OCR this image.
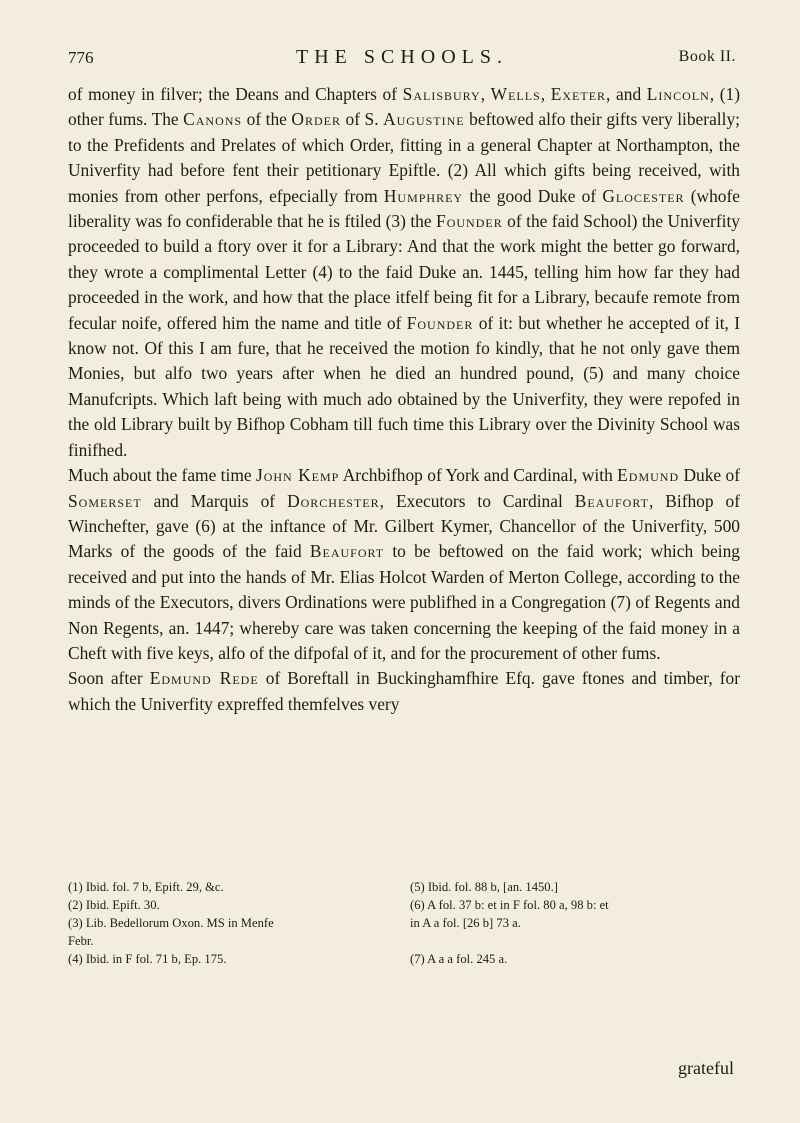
776	THE SCHOOLS.	Book II.

of money in filver; the Deans and Chapters of Salisbury, Wells, Exeter, and Lincoln, (1) other fums. The Canons of the Order of S. Augustine beftowed alfo their gifts very liberally; to the Prefidents and Prelates of which Order, fitting in a general Chapter at Northampton, the Univerfity had before fent their petitionary Epiftle. (2) All which gifts being received, with monies from other perfons, efpecially from Humphrey the good Duke of Glocester (whofe liberality was fo confiderable that he is ftiled (3) the Founder of the faid School) the Univerfity proceeded to build a ftory over it for a Library: And that the work might the better go forward, they wrote a complimental Letter (4) to the faid Duke an. 1445, telling him how far they had proceeded in the work, and how that the place itfelf being fit for a Library, becaufe remote from fecular noife, offered him the name and title of Founder of it: but whether he accepted of it, I know not. Of this I am fure, that he received the motion fo kindly, that he not only gave them Monies, but alfo two years after when he died an hundred pound, (5) and many choice Manufcripts. Which laft being with much ado obtained by the Univerfity, they were repofed in the old Library built by Bifhop Cobham till fuch time this Library over the Divinity School was finifhed.

Much about the fame time John Kemp Archbifhop of York and Cardinal, with Edmund Duke of Somerset and Marquis of Dorchester, Executors to Cardinal Beaufort, Bifhop of Winchefter, gave (6) at the inftance of Mr. Gilbert Kymer, Chancellor of the Univerfity, 500 Marks of the goods of the faid Beaufort to be beftowed on the faid work; which being received and put into the hands of Mr. Elias Holcot Warden of Merton College, according to the minds of the Executors, divers Ordinations were publifhed in a Congregation (7) of Regents and Non Regents, an. 1447; whereby care was taken concerning the keeping of the faid money in a Cheft with five keys, alfo of the difpofal of it, and for the procurement of other fums.

Soon after Edmund Rede of Boreftall in Buckinghamfhire Efq. gave ftones and timber, for which the Univerfity expreffed themfelves very

(1) Ibid. fol. 7 b, Epift. 29, &c.
(2) Ibid. Epift. 30.
(3) Lib. Bedellorum Oxon. MS in Menfe
Febr.
(4) Ibid. in F fol. 71 b, Ep. 175.
(5) Ibid. fol. 88 b, [an. 1450.]
(6) A fol. 37 b: et in F fol. 80 a, 98 b: et
in A a fol. [26 b] 73 a.

(7) A a a fol. 245 a.
grateful
